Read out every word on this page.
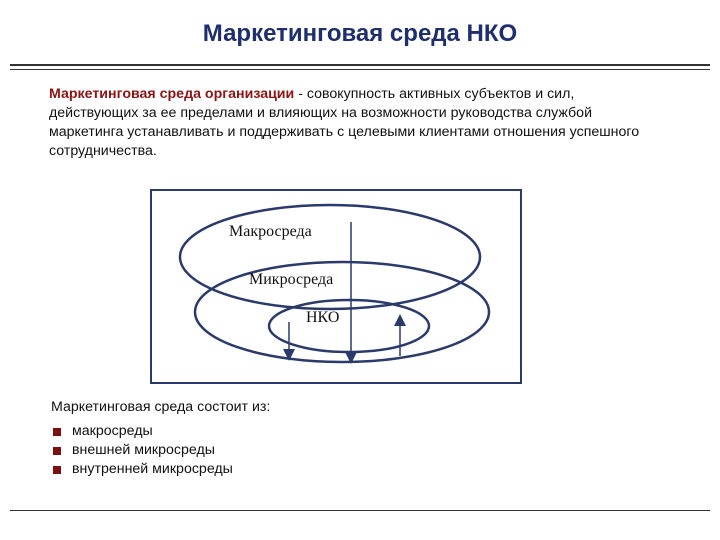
Маркетинговая среда НКО
Маркетинговая среда организации - совокупность активных субъектов и сил, действующих за ее пределами и влияющих на возможности руководства службой маркетинга устанавливать и поддерживать с целевыми клиентами отношения успешного сотрудничества.
Макросреда
Микросреда
НКО
Маркетинговая среда состоит из:
макросреды
внешней микросреды
внутренней микросреды
